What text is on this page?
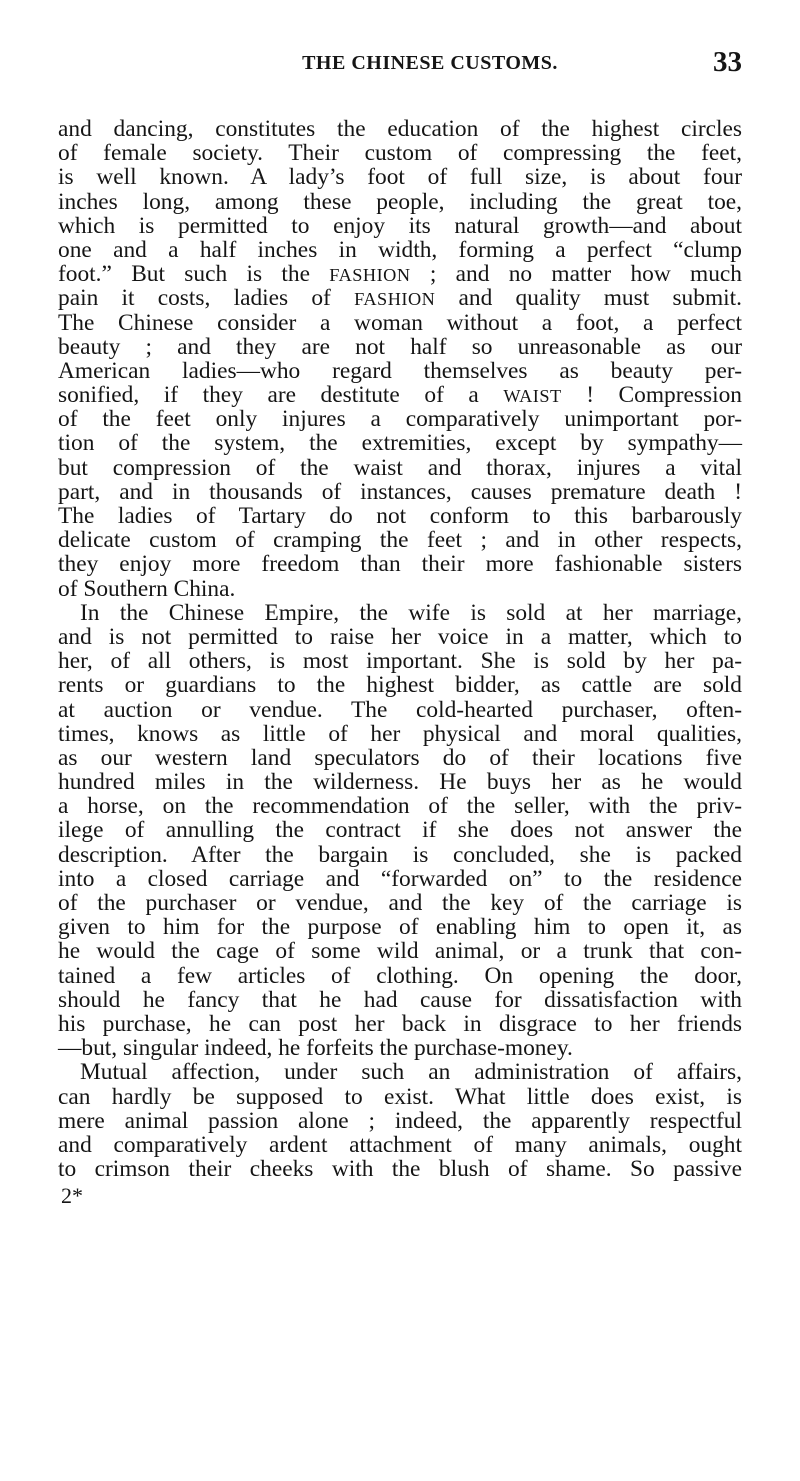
THE CHINESE CUSTOMS.	33
and dancing, constitutes the education of the highest circles
of female society. Their custom of compressing the feet,
is well known. A lady’s foot of full size, is about four
inches long, among these people, including the great toe,
which is permitted to enjoy its natural growth—and about
one and a half inches in width, forming a perfect “clump
foot.” But such is the FASHION ; and no matter how much
pain it costs, ladies of FASHION and quality must submit.
The Chinese consider a woman without a foot, a perfect
beauty ; and they are not half so unreasonable as our
American ladies—who regard themselves as beauty per-
sonified, if they are destitute of a WAIST ! Compression
of the feet only injures a comparatively unimportant por-
tion of the system, the extremities, except by sympathy—
but compression of the waist and thorax, injures a vital
part, and in thousands of instances, causes premature death !
The ladies of Tartary do not conform to this barbarously
delicate custom of cramping the feet ; and in other respects,
they enjoy more freedom than their more fashionable sisters
of Southern China.
In the Chinese Empire, the wife is sold at her marriage,
and is not permitted to raise her voice in a matter, which to
her, of all others, is most important. She is sold by her pa-
rents or guardians to the highest bidder, as cattle are sold
at auction or vendue. The cold-hearted purchaser, often-
times, knows as little of her physical and moral qualities,
as our western land speculators do of their locations five
hundred miles in the wilderness. He buys her as he would
a horse, on the recommendation of the seller, with the priv-
ilege of annulling the contract if she does not answer the
description. After the bargain is concluded, she is packed
into a closed carriage and “forwarded on” to the residence
of the purchaser or vendue, and the key of the carriage is
given to him for the purpose of enabling him to open it, as
he would the cage of some wild animal, or a trunk that con-
tained a few articles of clothing. On opening the door,
should he fancy that he had cause for dissatisfaction with
his purchase, he can post her back in disgrace to her friends
—but, singular indeed, he forfeits the purchase-money.
Mutual affection, under such an administration of affairs,
can hardly be supposed to exist. What little does exist, is
mere animal passion alone ; indeed, the apparently respectful
and comparatively ardent attachment of many animals, ought
to crimson their cheeks with the blush of shame. So passive
2*
